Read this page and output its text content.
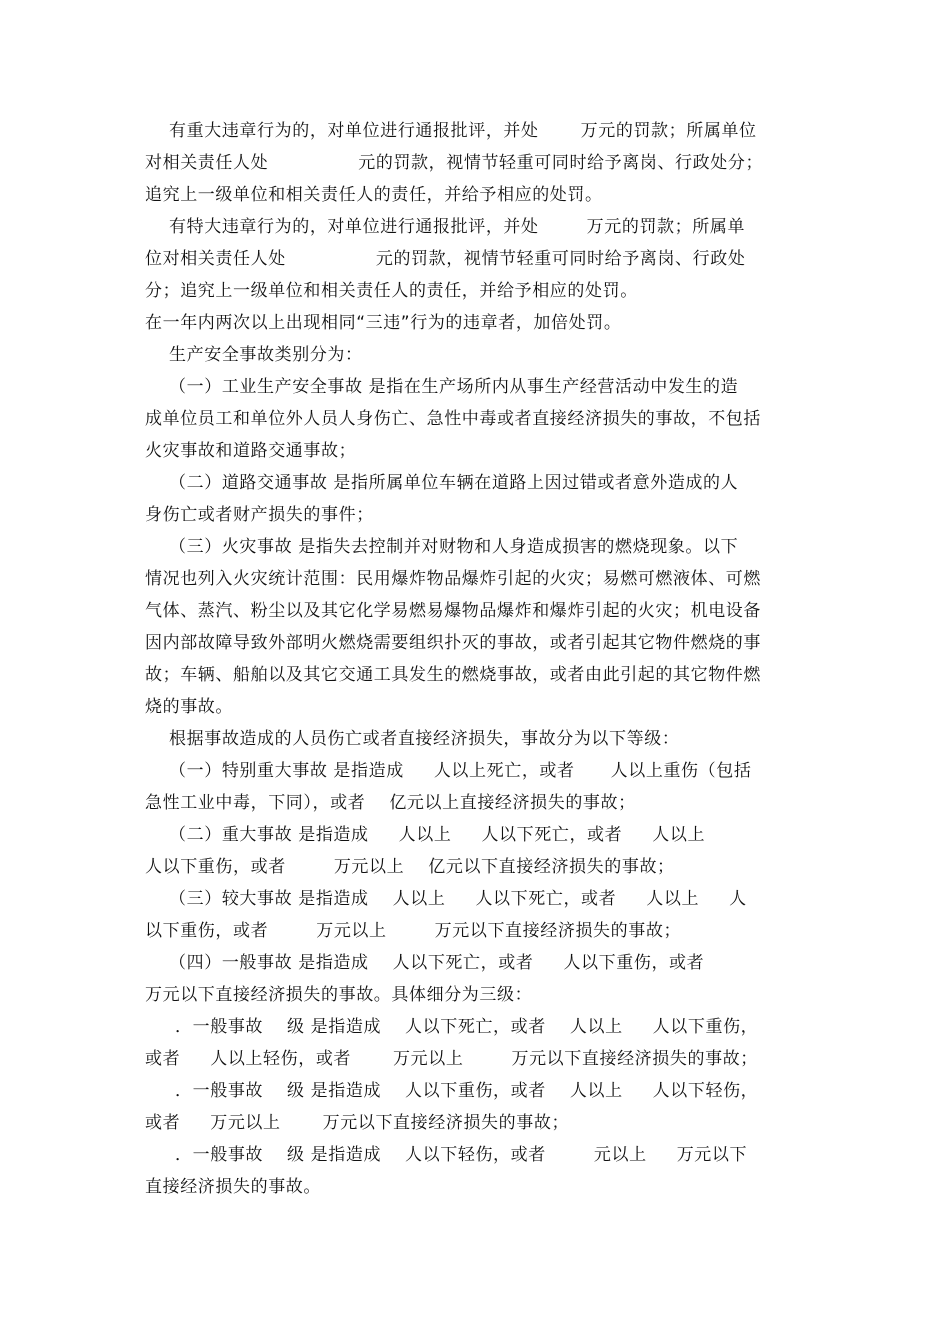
有重大违章行为的，对单位进行通报批评，并处       万元的罚款；所属单位
对相关责任人处               元的罚款，视情节轻重可同时给予离岗、行政处分；
追究上一级单位和相关责任人的责任，并给予相应的处罚。
有特大违章行为的，对单位进行通报批评，并处        万元的罚款；所属单
位对相关责任人处               元的罚款，视情节轻重可同时给予离岗、行政处
分；追究上一级单位和相关责任人的责任，并给予相应的处罚。
在一年内两次以上出现相同“三违”行为的违章者，加倍处罚。
生产安全事故类别分为：
（一）工业生产安全事故 是指在生产场所内从事生产经营活动中发生的造
成单位员工和单位外人员人身伤亡、急性中毒或者直接经济损失的事故，不包括
火灾事故和道路交通事故；
（二）道路交通事故 是指所属单位车辆在道路上因过错或者意外造成的人
身伤亡或者财产损失的事件；
（三）火灾事故 是指失去控制并对财物和人身造成损害的燃烧现象。以下
情况也列入火灾统计范围：民用爆炸物品爆炸引起的火灾；易燃可燃液体、可燃
气体、蒸汽、粉尘以及其它化学易燃易爆物品爆炸和爆炸引起的火灾；机电设备
因内部故障导致外部明火燃烧需要组织扑灭的事故，或者引起其它物件燃烧的事
故；车辆、船舶以及其它交通工具发生的燃烧事故，或者由此引起的其它物件燃
烧的事故。
根据事故造成的人员伤亡或者直接经济损失，事故分为以下等级：
（一）特别重大事故 是指造成     人以上死亡，或者      人以上重伤（包括
急性工业中毒，下同），或者    亿元以上直接经济损失的事故；
（二）重大事故 是指造成     人以上     人以下死亡，或者     人以上
人以下重伤，或者        万元以上    亿元以下直接经济损失的事故；
（三）较大事故 是指造成    人以上     人以下死亡，或者     人以上     人
以下重伤，或者        万元以上        万元以下直接经济损失的事故；
（四）一般事故 是指造成    人以下死亡，或者     人以下重伤，或者
万元以下直接经济损失的事故。具体细分为三级：
．一般事故    级 是指造成    人以下死亡，或者    人以上     人以下重伤，
或者     人以上轻伤，或者       万元以上        万元以下直接经济损失的事故；
．一般事故    级 是指造成    人以下重伤，或者    人以上     人以下轻伤，
或者     万元以上       万元以下直接经济损失的事故；
．一般事故    级 是指造成    人以下轻伤，或者        元以上     万元以下
直接经济损失的事故。
